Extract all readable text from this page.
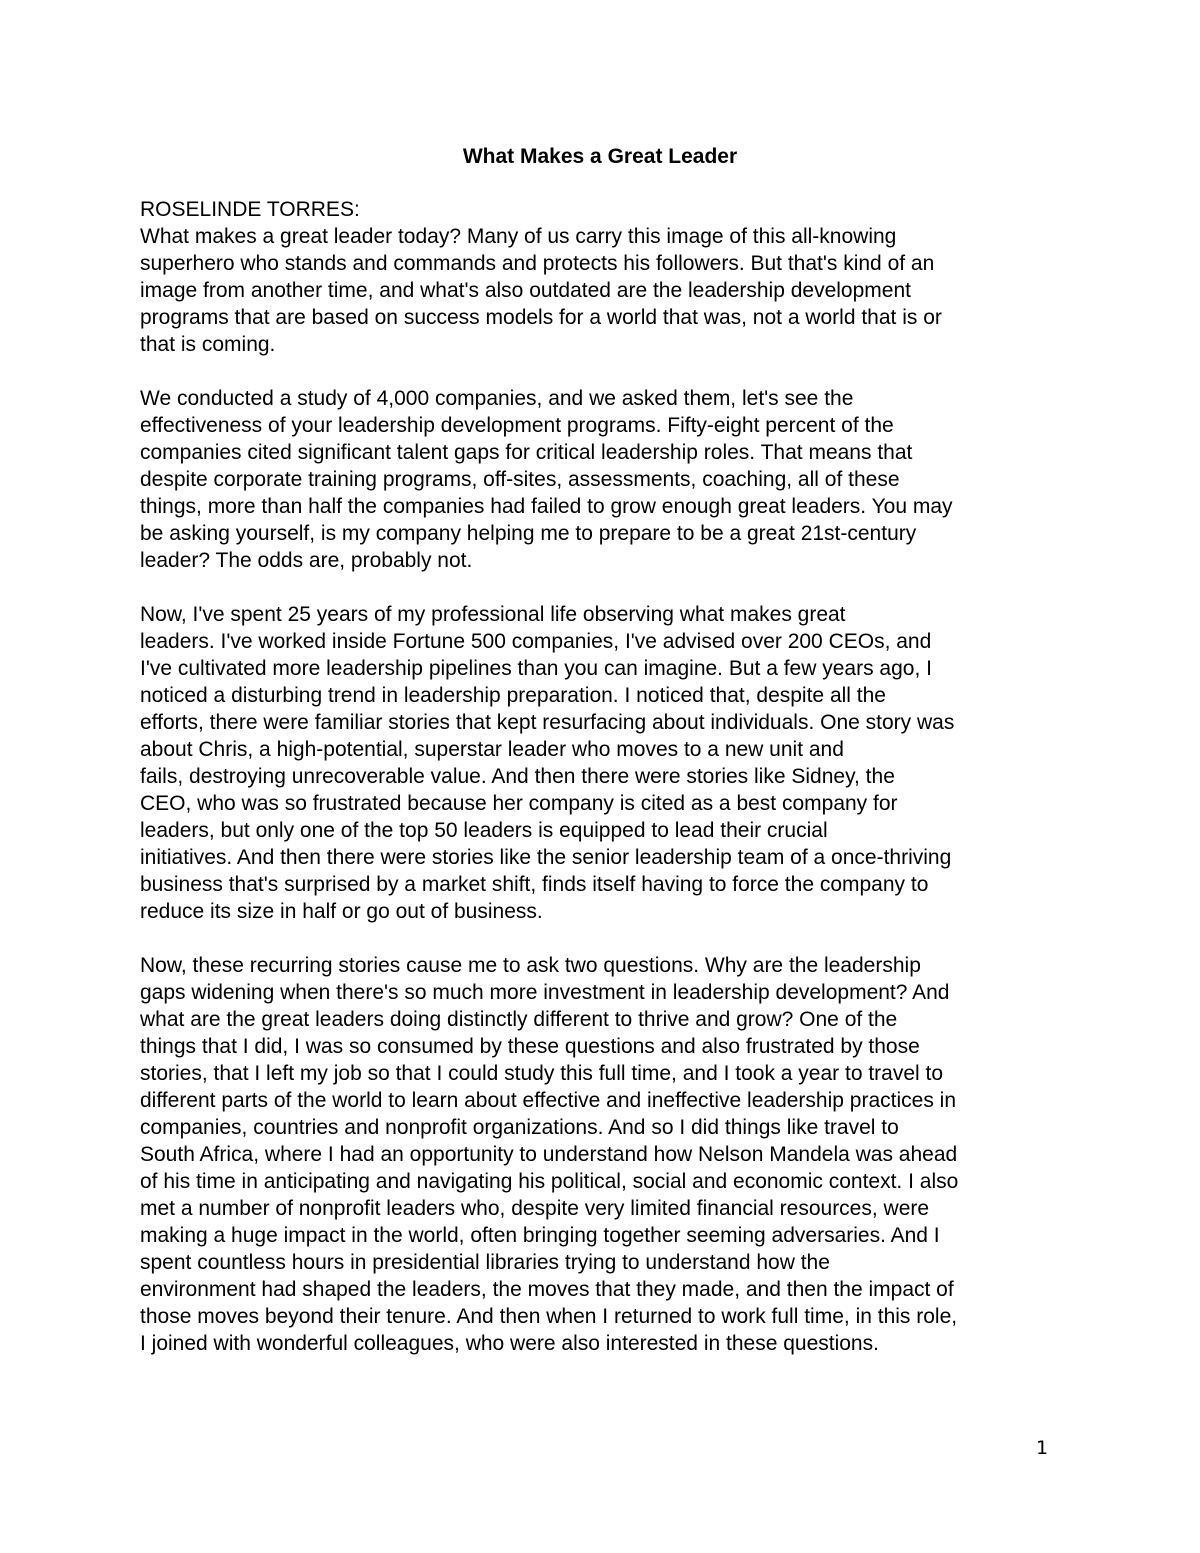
What Makes a Great Leader

ROSELINDE TORRES:

What makes a great leader today? Many of us carry this image of this all-knowing
superhero who stands and commands and protects his followers. But that's kind of an
image from another time, and what's also outdated are the leadership development
programs that are based on success models for a world that was, not a world that is or
that is coming.
We conducted a study of 4,000 companies, and we asked them, let's see the
effectiveness of your leadership development programs. Fifty-eight percent of the
companies cited significant talent gaps for critical leadership roles. That means that
despite corporate training programs, off-sites, assessments, coaching, all of these
things, more than half the companies had failed to grow enough great leaders. You may
be asking yourself, is my company helping me to prepare to be a great 21st-century
leader? The odds are, probably not.
Now, I've spent 25 years of my professional life observing what makes great
leaders. I've worked inside Fortune 500 companies, I've advised over 200 CEOs, and
I've cultivated more leadership pipelines than you can imagine. But a few years ago, I
noticed a disturbing trend in leadership preparation. I noticed that, despite all the
efforts, there were familiar stories that kept resurfacing about individuals. One story was
about Chris, a high-potential, superstar leader who moves to a new unit and
fails, destroying unrecoverable value. And then there were stories like Sidney, the
CEO, who was so frustrated because her company is cited as a best company for
leaders, but only one of the top 50 leaders is equipped to lead their crucial
initiatives. And then there were stories like the senior leadership team of a once-thriving
business that's surprised by a market shift, finds itself having to force the company to
reduce its size in half or go out of business.
Now, these recurring stories cause me to ask two questions. Why are the leadership
gaps widening when there's so much more investment in leadership development? And
what are the great leaders doing distinctly different to thrive and grow? One of the
things that I did, I was so consumed by these questions and also frustrated by those
stories, that I left my job so that I could study this full time, and I took a year to travel to
different parts of the world to learn about effective and ineffective leadership practices in
companies, countries and nonprofit organizations. And so I did things like travel to
South Africa, where I had an opportunity to understand how Nelson Mandela was ahead
of his time in anticipating and navigating his political, social and economic context. I also
met a number of nonprofit leaders who, despite very limited financial resources, were
making a huge impact in the world, often bringing together seeming adversaries. And I
spent countless hours in presidential libraries trying to understand how the
environment had shaped the leaders, the moves that they made, and then the impact of
those moves beyond their tenure. And then when I returned to work full time, in this role,
I joined with wonderful colleagues, who were also interested in these questions.
1
